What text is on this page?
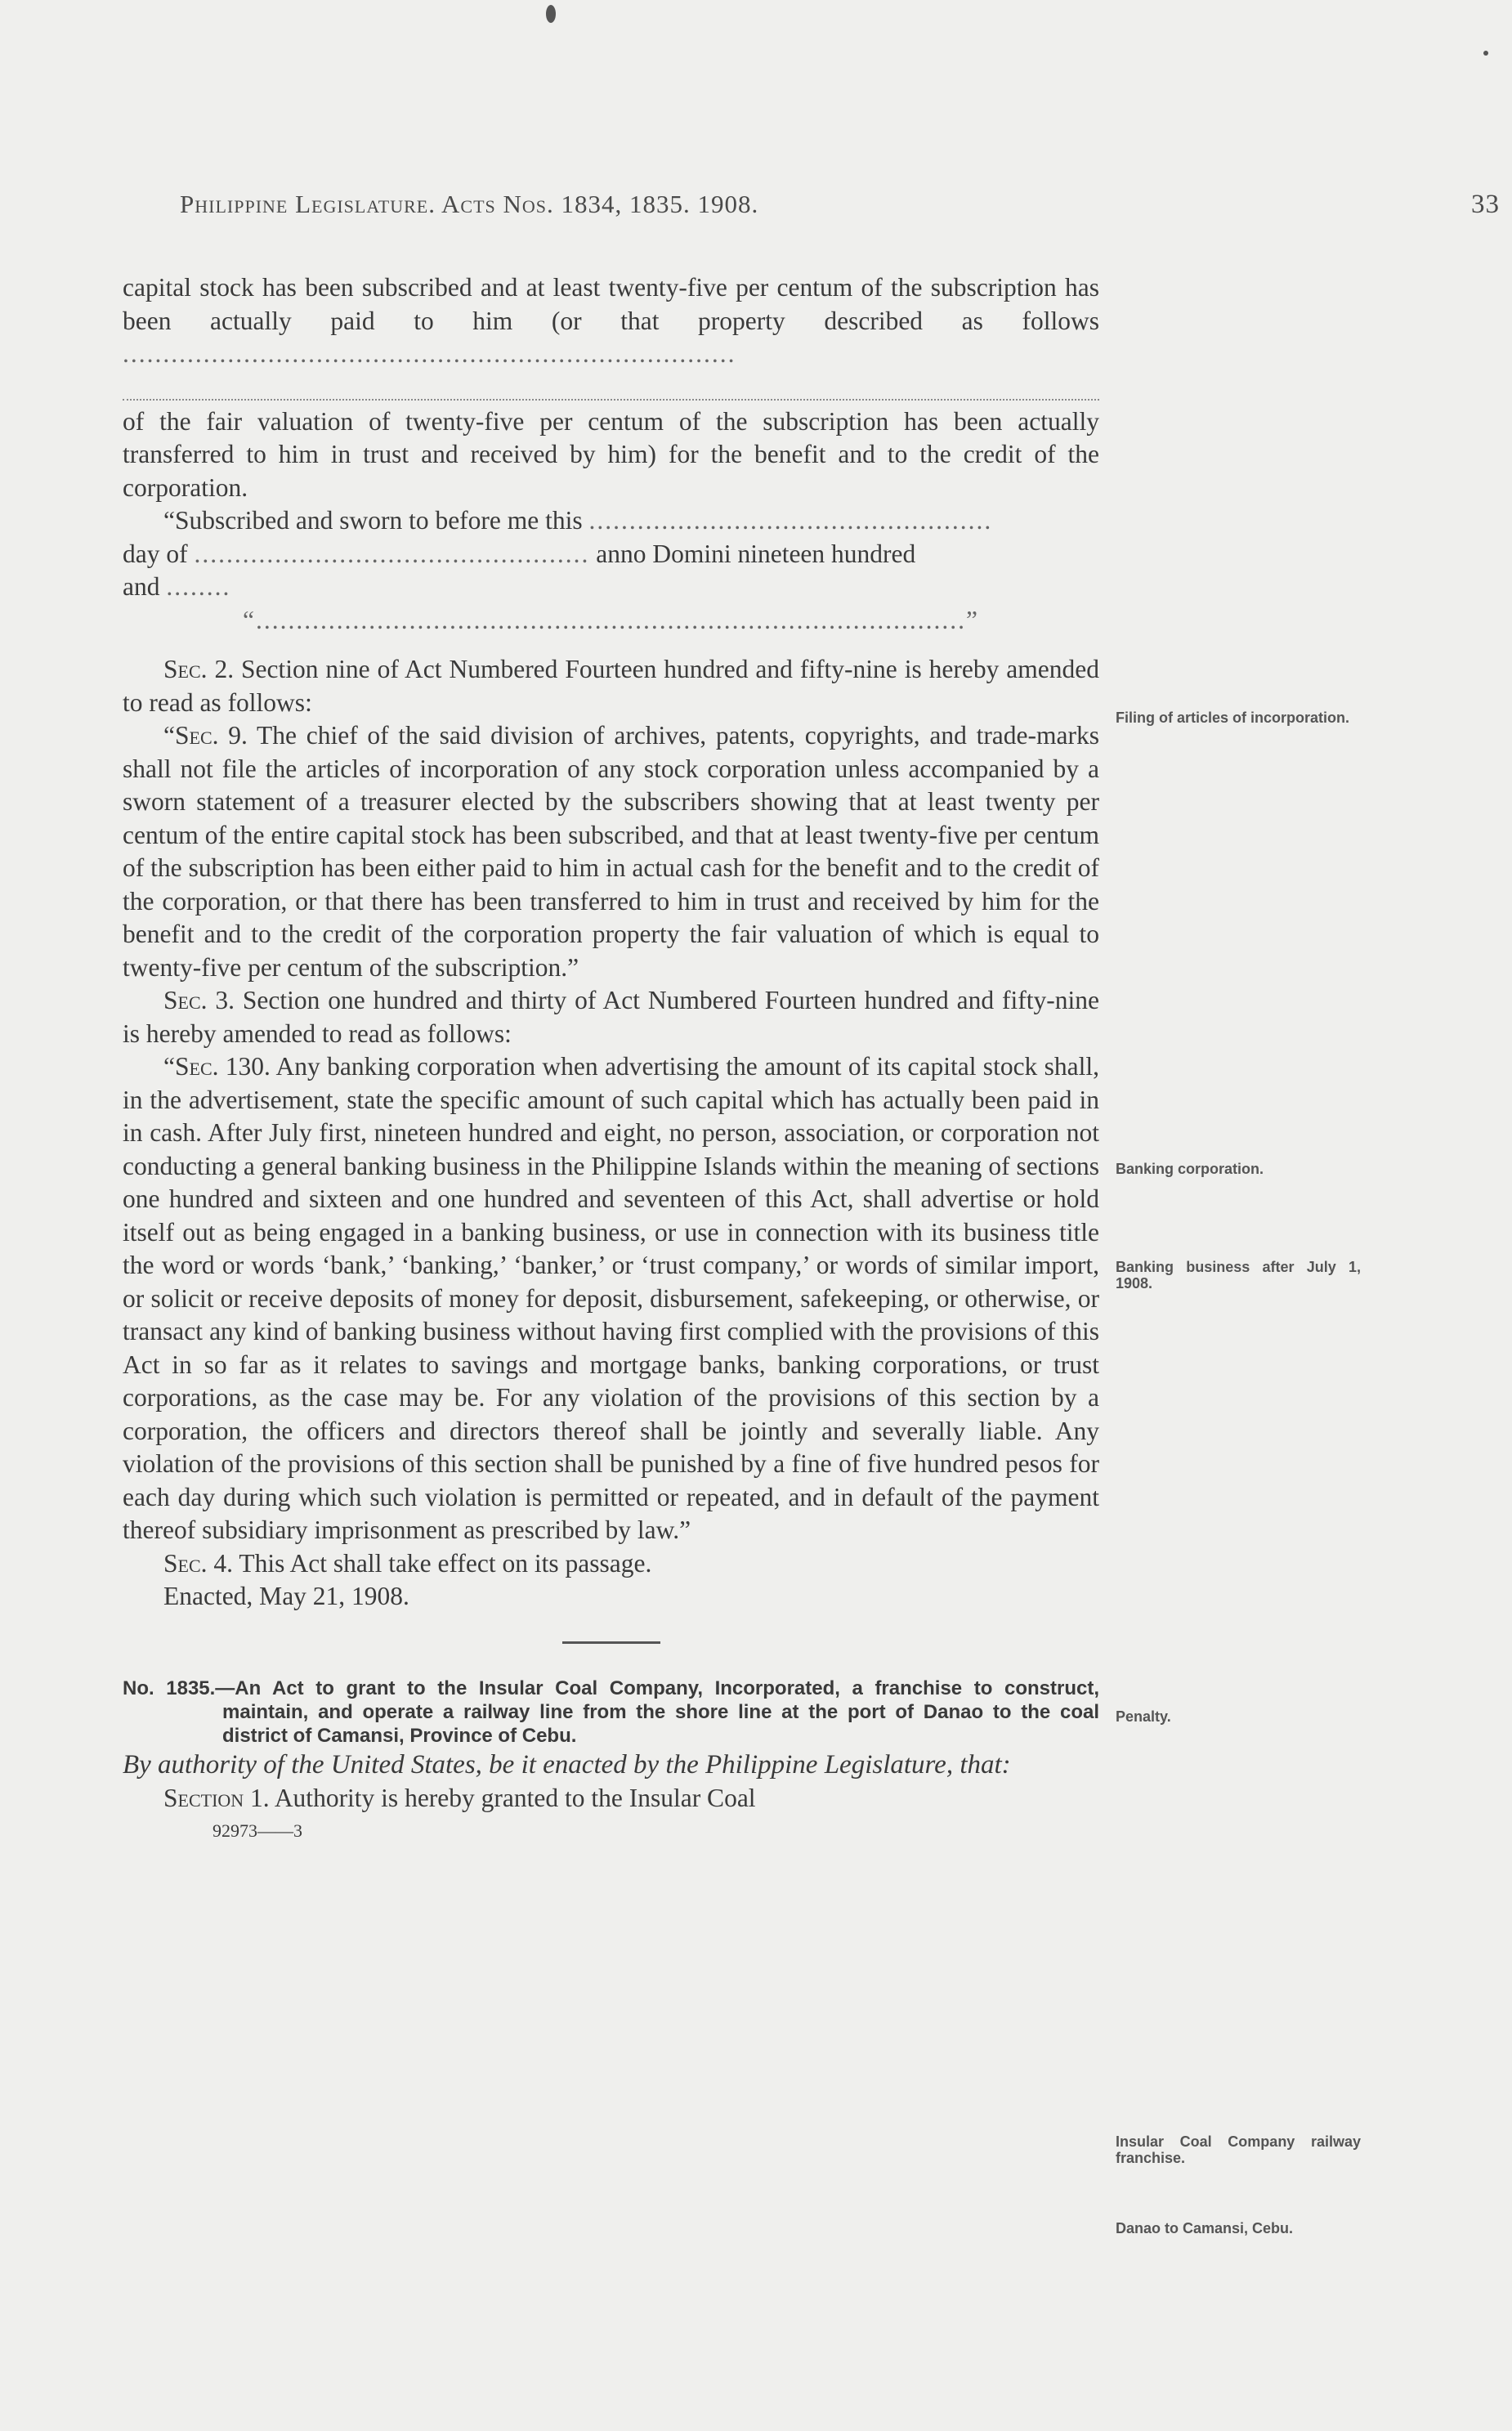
Philippine Legislature. Acts Nos. 1834, 1835. 1908.	33

capital stock has been subscribed and at least twenty-five per centum of the subscription has been actually paid to him (or that property described as follows ............................................................................

of the fair valuation of twenty-five per centum of the subscription has been actually transferred to him in trust and received by him) for the benefit and to the credit of the corporation.

“Subscribed and sworn to before me this ..................................................

day of ................................................. anno Domini nineteen hundred

and ........

“........................................................................................”

Sec. 2. Section nine of Act Numbered Fourteen hundred and fifty-nine is hereby amended to read as follows:

“Sec. 9. The chief of the said division of archives, patents, copyrights, and trade-marks shall not file the articles of incorporation of any stock corporation unless accompanied by a sworn statement of a treasurer elected by the subscribers showing that at least twenty per centum of the entire capital stock has been subscribed, and that at least twenty-five per centum of the subscription has been either paid to him in actual cash for the benefit and to the credit of the corporation, or that there has been transferred to him in trust and received by him for the benefit and to the credit of the corporation property the fair valuation of which is equal to twenty-five per centum of the subscription.”

Sec. 3. Section one hundred and thirty of Act Numbered Fourteen hundred and fifty-nine is hereby amended to read as follows:

“Sec. 130. Any banking corporation when advertising the amount of its capital stock shall, in the advertisement, state the specific amount of such capital which has actually been paid in in cash. After July first, nineteen hundred and eight, no person, association, or corporation not conducting a general banking business in the Philippine Islands within the meaning of sections one hundred and sixteen and one hundred and seventeen of this Act, shall advertise or hold itself out as being engaged in a banking business, or use in connection with its business title the word or words ‘bank,’ ‘banking,’ ‘banker,’ or ‘trust company,’ or words of similar import, or solicit or receive deposits of money for deposit, disbursement, safekeeping, or otherwise, or transact any kind of banking business without having first complied with the provisions of this Act in so far as it relates to savings and mortgage banks, banking corporations, or trust corporations, as the case may be. For any violation of the provisions of this section by a corporation, the officers and directors thereof shall be jointly and severally liable. Any violation of the provisions of this section shall be punished by a fine of five hundred pesos for each day during which such violation is permitted or repeated, and in default of the payment thereof subsidiary imprisonment as prescribed by law.”

Sec. 4. This Act shall take effect on its passage.

Enacted, May 21, 1908.

No. 1835.—An Act to grant to the Insular Coal Company, Incorporated, a franchise to construct, maintain, and operate a railway line from the shore line at the port of Danao to the coal district of Camansi, Province of Cebu.

By authority of the United States, be it enacted by the Philippine Legislature, that:

Section 1. Authority is hereby granted to the Insular Coal

92973——3

Filing of articles of incorporation.
Banking corporation.
Banking business after July 1, 1908.
Penalty.
Insular Coal Company railway franchise.
Danao to Camansi, Cebu.
